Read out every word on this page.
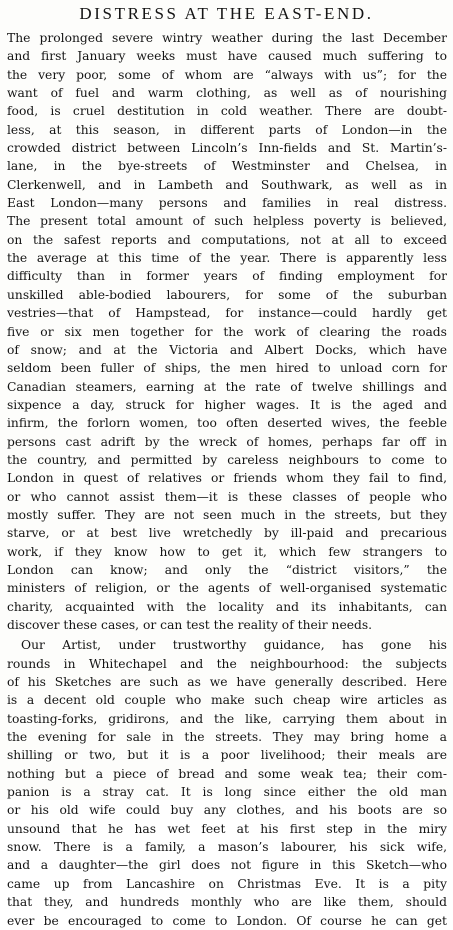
DISTRESS AT THE EAST-END.
The prolonged severe wintry weather during the last December
and first January weeks must have caused much suffering to
the very poor, some of whom are “always with us”; for the
want of fuel and warm clothing, as well as of nourishing
food, is cruel destitution in cold weather. There are doubt-
less, at this season, in different parts of London—in the
crowded district between Lincoln’s Inn-fields and St. Martin’s-
lane, in the bye-streets of Westminster and Chelsea, in
Clerkenwell, and in Lambeth and Southwark, as well as in
East London—many persons and families in real distress.
The present total amount of such helpless poverty is believed,
on the safest reports and computations, not at all to exceed
the average at this time of the year. There is apparently less
difficulty than in former years of finding employment for
unskilled able-bodied labourers, for some of the suburban
vestries—that of Hampstead, for instance—could hardly get
five or six men together for the work of clearing the roads
of snow; and at the Victoria and Albert Docks, which have
seldom been fuller of ships, the men hired to unload corn for
Canadian steamers, earning at the rate of twelve shillings and
sixpence a day, struck for higher wages. It is the aged and
infirm, the forlorn women, too often deserted wives, the feeble
persons cast adrift by the wreck of homes, perhaps far off in
the country, and permitted by careless neighbours to come to
London in quest of relatives or friends whom they fail to find,
or who cannot assist them—it is these classes of people who
mostly suffer. They are not seen much in the streets, but they
starve, or at best live wretchedly by ill-paid and precarious
work, if they know how to get it, which few strangers to
London can know; and only the “district visitors,” the
ministers of religion, or the agents of well-organised systematic
charity, acquainted with the locality and its inhabitants, can
discover these cases, or can test the reality of their needs.
Our Artist, under trustworthy guidance, has gone his
rounds in Whitechapel and the neighbourhood: the subjects
of his Sketches are such as we have generally described. Here
is a decent old couple who make such cheap wire articles as
toasting-forks, gridirons, and the like, carrying them about in
the evening for sale in the streets. They may bring home a
shilling or two, but it is a poor livelihood; their meals are
nothing but a piece of bread and some weak tea; their com-
panion is a stray cat. It is long since either the old man
or his old wife could buy any clothes, and his boots are so
unsound that he has wet feet at his first step in the miry
snow. There is a family, a mason’s labourer, his sick wife,
and a daughter—the girl does not figure in this Sketch—who
came up from Lancashire on Christmas Eve. It is a pity
that they, and hundreds monthly who are like them, should
ever be encouraged to come to London. Of course he can get
